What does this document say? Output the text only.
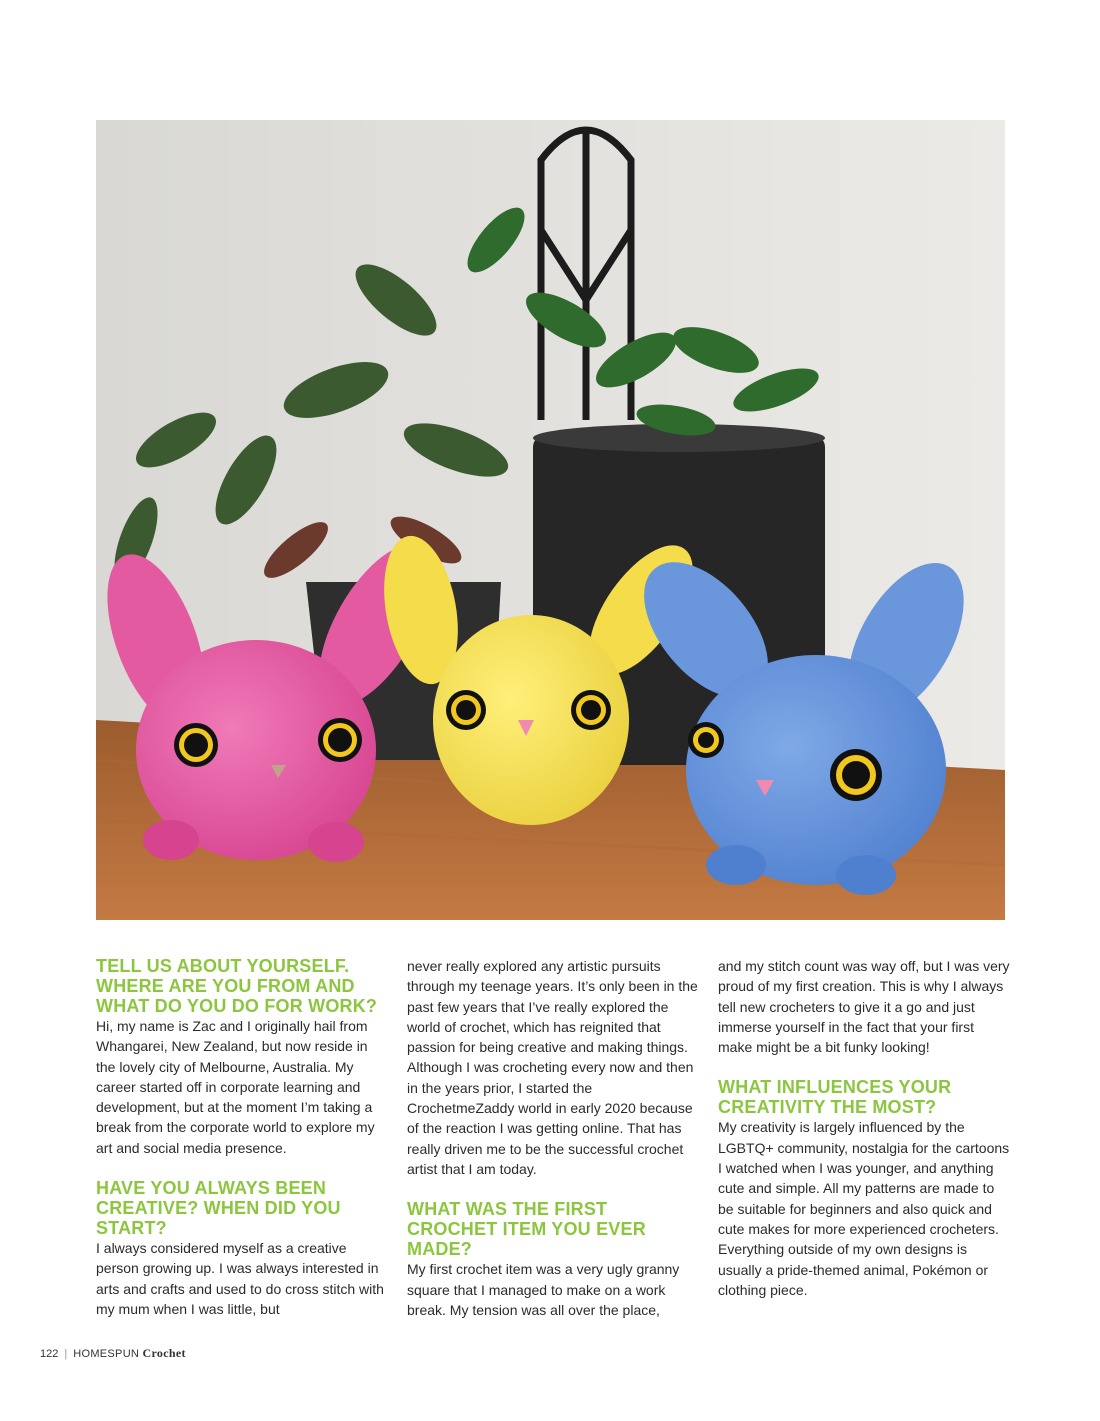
TELL US ABOUT YOURSELF. WHERE ARE YOU FROM AND WHAT DO YOU DO FOR WORK?

Hi, my name is Zac and I originally hail from Whangarei, New Zealand, but now reside in the lovely city of Melbourne, Australia. My career started off in corporate learning and development, but at the moment I’m taking a break from the corporate world to explore my art and social media presence.

HAVE YOU ALWAYS BEEN CREATIVE? WHEN DID YOU START?

I always considered myself as a creative person growing up. I was always interested in arts and crafts and used to do cross stitch with my mum when I was little, but

never really explored any artistic pursuits through my teenage years. It’s only been in the past few years that I’ve really explored the world of crochet, which has reignited that passion for being creative and making things. Although I was crocheting every now and then in the years prior, I started the CrochetmeZaddy world in early 2020 because of the reaction I was getting online. That has really driven me to be the successful crochet artist that I am today.

WHAT WAS THE FIRST CROCHET ITEM YOU EVER MADE?

My first crochet item was a very ugly granny square that I managed to make on a work break. My tension was all over the place,

and my stitch count was way off, but I was very proud of my first creation. This is why I always tell new crocheters to give it a go and just immerse yourself in the fact that your first make might be a bit funky looking!

WHAT INFLUENCES YOUR CREATIVITY THE MOST?

My creativity is largely influenced by the LGBTQ+ community, nostalgia for the cartoons I watched when I was younger, and anything cute and simple. All my patterns are made to be suitable for beginners and also quick and cute makes for more experienced crocheters. Everything outside of my own designs is usually a pride-themed animal, Pokémon or clothing piece.

122 | HOMESPUN Crochet
